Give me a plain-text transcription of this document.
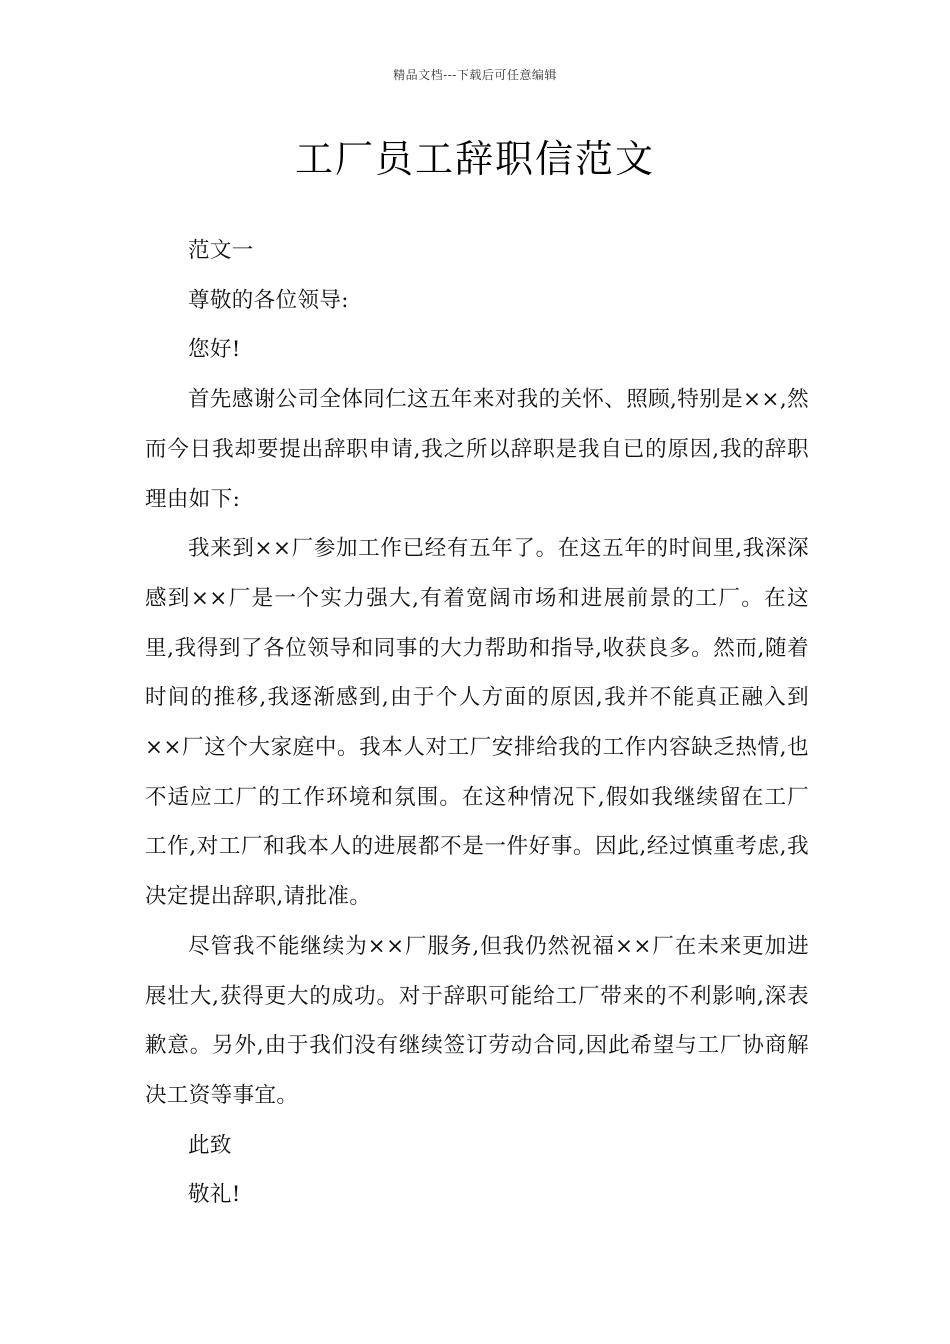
精品文档---下载后可任意编辑
工厂员工辞职信范文

范文一

尊敬的各位领导:

您好!

首先感谢公司全体同仁这五年来对我的关怀、照顾,特别是××,然而今日我却要提出辞职申请,我之所以辞职是我自已的原因,我的辞职理由如下:

我来到××厂参加工作已经有五年了。在这五年的时间里,我深深感到××厂是一个实力强大,有着宽阔市场和进展前景的工厂。在这里,我得到了各位领导和同事的大力帮助和指导,收获良多。然而,随着时间的推移,我逐渐感到,由于个人方面的原因,我并不能真正融入到××厂这个大家庭中。我本人对工厂安排给我的工作内容缺乏热情,也不适应工厂的工作环境和氛围。在这种情况下,假如我继续留在工厂工作,对工厂和我本人的进展都不是一件好事。因此,经过慎重考虑,我决定提出辞职,请批准。

尽管我不能继续为××厂服务,但我仍然祝福××厂在未来更加进展壮大,获得更大的成功。对于辞职可能给工厂带来的不利影响,深表歉意。另外,由于我们没有继续签订劳动合同,因此希望与工厂协商解决工资等事宜。

此致

敬礼!
